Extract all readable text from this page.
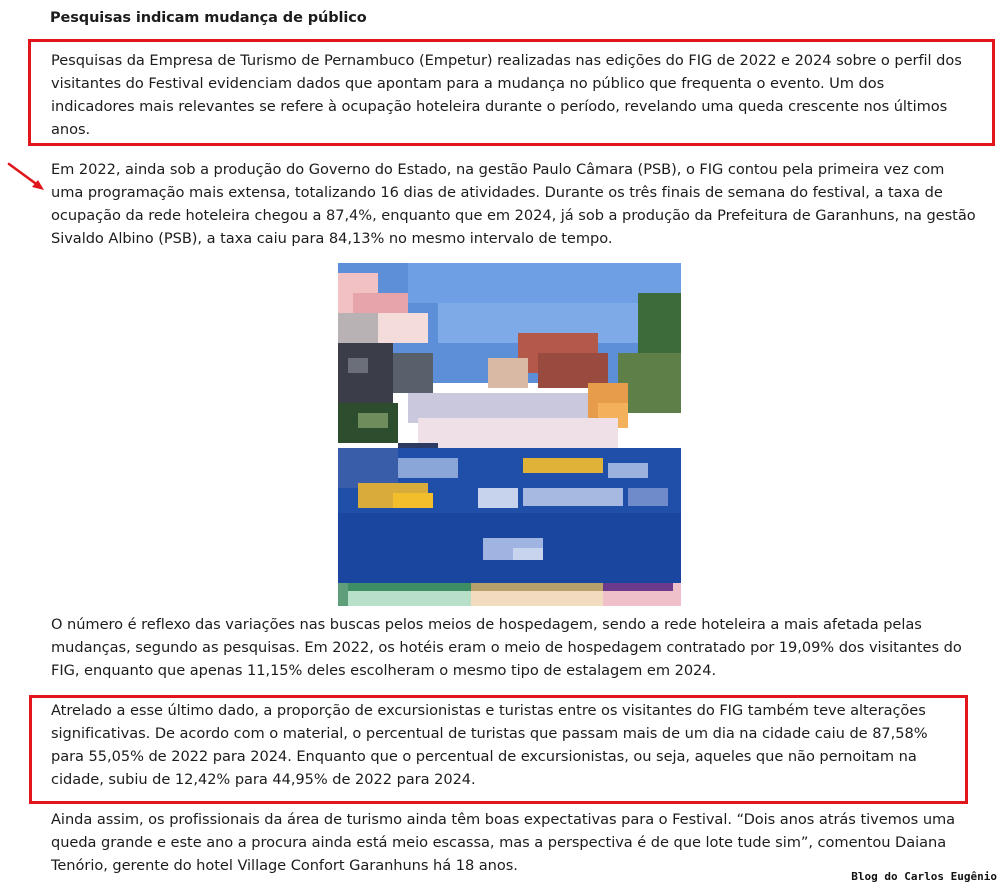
Pesquisas indicam mudança de público

Pesquisas da Empresa de Turismo de Pernambuco (Empetur) realizadas nas edições do FIG de 2022 e 2024 sobre o perfil dos visitantes do Festival evidenciam dados que apontam para a mudança no público que frequenta o evento. Um dos indicadores mais relevantes se refere à ocupação hoteleira durante o período, revelando uma queda crescente nos últimos anos.

Em 2022, ainda sob a produção do Governo do Estado, na gestão Paulo Câmara (PSB), o FIG contou pela primeira vez com uma programação mais extensa, totalizando 16 dias de atividades. Durante os três finais de semana do festival, a taxa de ocupação da rede hoteleira chegou a 87,4%, enquanto que em 2024, já sob a produção da Prefeitura de Garanhuns, na gestão Sivaldo Albino (PSB), a taxa caiu para 84,13% no mesmo intervalo de tempo.

O número é reflexo das variações nas buscas pelos meios de hospedagem, sendo a rede hoteleira a mais afetada pelas mudanças, segundo as pesquisas. Em 2022, os hotéis eram o meio de hospedagem contratado por 19,09% dos visitantes do FIG, enquanto que apenas 11,15% deles escolheram o mesmo tipo de estalagem em 2024.

Atrelado a esse último dado, a proporção de excursionistas e turistas entre os visitantes do FIG também teve alterações significativas. De acordo com o material, o percentual de turistas que passam mais de um dia na cidade caiu de 87,58% para 55,05% de 2022 para 2024. Enquanto que o percentual de excursionistas, ou seja, aqueles que não pernoitam na cidade, subiu de 12,42% para 44,95% de 2022 para 2024.

Ainda assim, os profissionais da área de turismo ainda têm boas expectativas para o Festival. “Dois anos atrás tivemos uma queda grande e este ano a procura ainda está meio escassa, mas a perspectiva é de que lote tude sim”, comentou Daiana Tenório, gerente do hotel Village Confort Garanhuns há 18 anos.

Blog do Carlos Eugênio
